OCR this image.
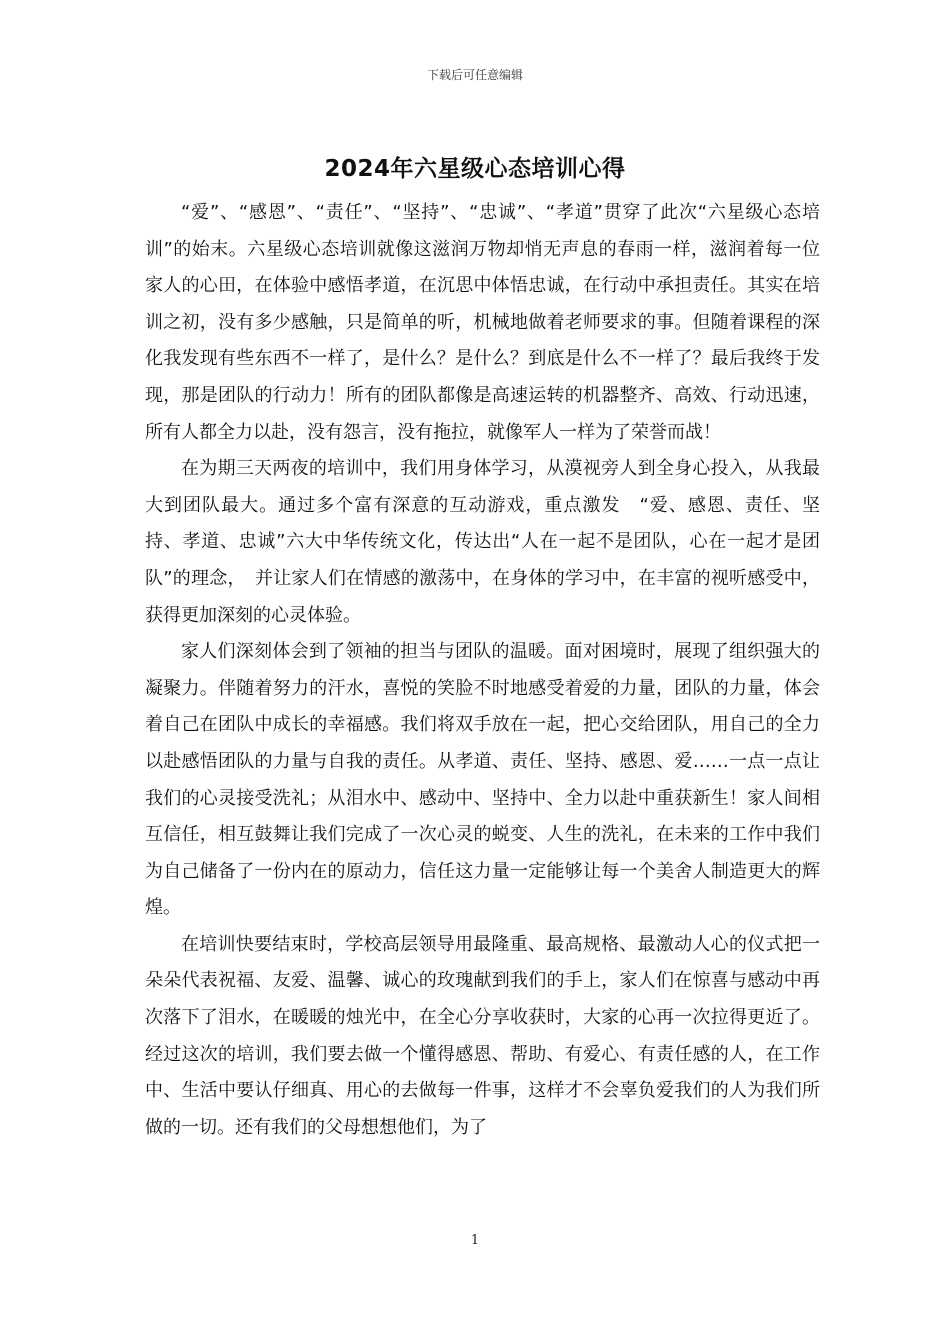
下载后可任意编辑
2024年六星级心态培训心得

“爱”、“感恩”、“责任”、“坚持”、“忠诚”、“孝道”贯穿了此次“六星级心态培训”的始末。六星级心态培训就像这滋润万物却悄无声息的春雨一样，滋润着每一位家人的心田，在体验中感悟孝道，在沉思中体悟忠诚，在行动中承担责任。其实在培训之初，没有多少感触，只是简单的听，机械地做着老师要求的事。但随着课程的深化我发现有些东西不一样了，是什么？是什么？到底是什么不一样了？最后我终于发现，那是团队的行动力！所有的团队都像是高速运转的机器整齐、高效、行动迅速，所有人都全力以赴，没有怨言，没有拖拉，就像军人一样为了荣誉而战！

在为期三天两夜的培训中，我们用身体学习，从漠视旁人到全身心投入，从我最大到团队最大。通过多个富有深意的互动游戏，重点激发　“爱、感恩、责任、坚持、孝道、忠诚”六大中华传统文化，传达出“人在一起不是团队，心在一起才是团队”的理念，　并让家人们在情感的激荡中，在身体的学习中，在丰富的视听感受中，获得更加深刻的心灵体验。

家人们深刻体会到了领袖的担当与团队的温暖。面对困境时，展现了组织强大的凝聚力。伴随着努力的汗水，喜悦的笑脸不时地感受着爱的力量，团队的力量，体会着自己在团队中成长的幸福感。我们将双手放在一起，把心交给团队，用自己的全力以赴感悟团队的力量与自我的责任。从孝道、责任、坚持、感恩、爱……一点一点让我们的心灵接受洗礼；从泪水中、感动中、坚持中、全力以赴中重获新生！家人间相互信任，相互鼓舞让我们完成了一次心灵的蜕变、人生的洗礼，在未来的工作中我们为自己储备了一份内在的原动力，信任这力量一定能够让每一个美舍人制造更大的辉煌。

在培训快要结束时，学校高层领导用最隆重、最高规格、最激动人心的仪式把一朵朵代表祝福、友爱、温馨、诚心的玫瑰献到我们的手上，家人们在惊喜与感动中再次落下了泪水，在暖暖的烛光中，在全心分享收获时，大家的心再一次拉得更近了。经过这次的培训，我们要去做一个懂得感恩、帮助、有爱心、有责任感的人，在工作中、生活中要认仔细真、用心的去做每一件事，这样才不会辜负爱我们的人为我们所做的一切。还有我们的父母想想他们，为了

1
